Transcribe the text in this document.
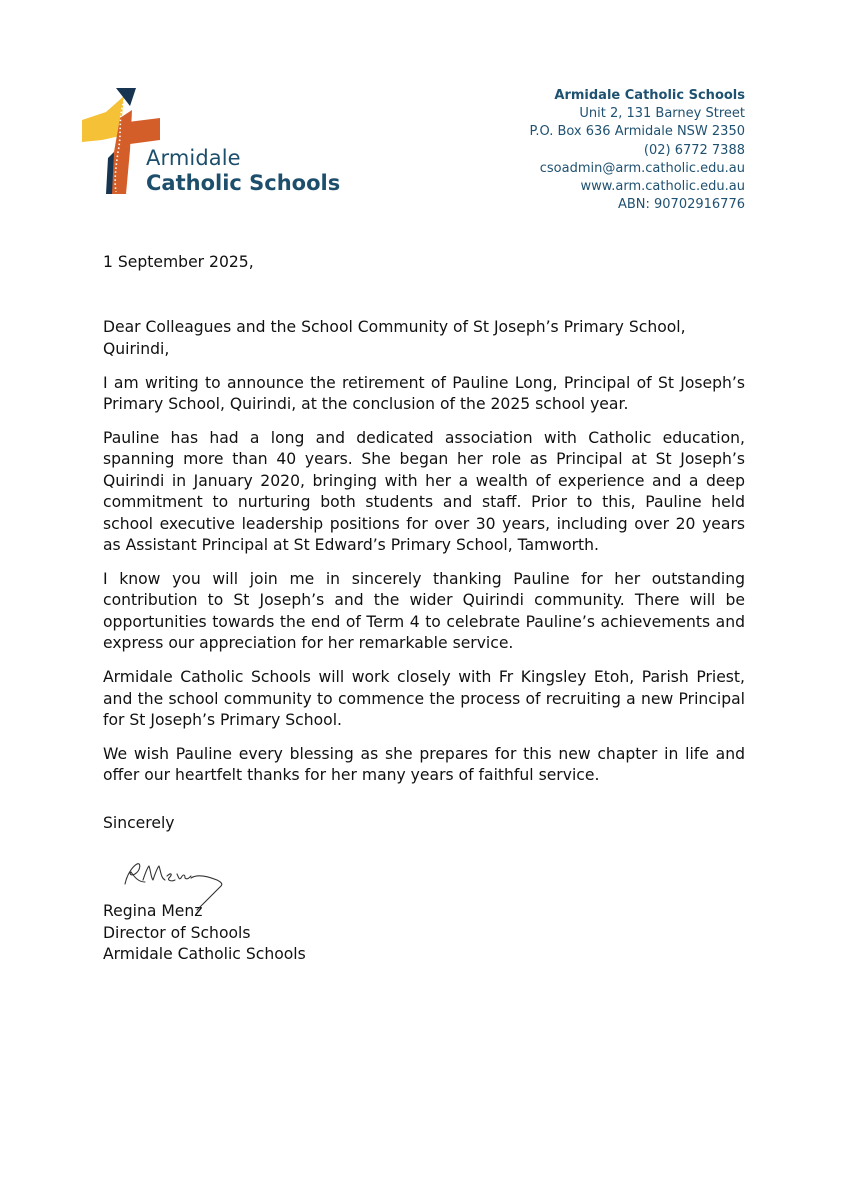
Armidale
Catholic Schools
Armidale Catholic Schools
Unit 2, 131 Barney Street
P.O. Box 636 Armidale NSW 2350
(02) 6772 7388
csoadmin@arm.catholic.edu.au
www.arm.catholic.edu.au
ABN: 90702916776

1 September 2025,

Dear Colleagues and the School Community of St Joseph’s Primary School, Quirindi,

I am writing to announce the retirement of Pauline Long, Principal of St Joseph’s Primary School, Quirindi, at the conclusion of the 2025 school year.

Pauline has had a long and dedicated association with Catholic education, spanning more than 40 years. She began her role as Principal at St Joseph’s Quirindi in January 2020, bringing with her a wealth of experience and a deep commitment to nurturing both students and staff. Prior to this, Pauline held school executive leadership positions for over 30 years, including over 20 years as Assistant Principal at St Edward’s Primary School, Tamworth.

I know you will join me in sincerely thanking Pauline for her outstanding contribution to St Joseph’s and the wider Quirindi community. There will be opportunities towards the end of Term 4 to celebrate Pauline’s achievements and express our appreciation for her remarkable service.

Armidale Catholic Schools will work closely with Fr Kingsley Etoh, Parish Priest, and the school community to commence the process of recruiting a new Principal for St Joseph’s Primary School.

We wish Pauline every blessing as she prepares for this new chapter in life and offer our heartfelt thanks for her many years of faithful service.

Sincerely

Regina Menz
Director of Schools
Armidale Catholic Schools
